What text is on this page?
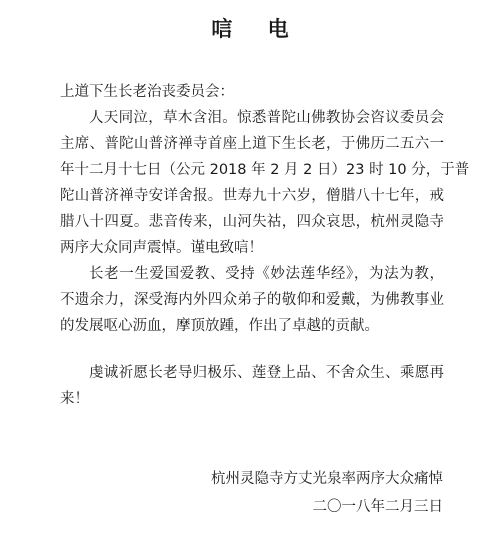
唁 电
上道下生长老治丧委员会：
人天同泣，草木含泪。惊悉普陀山佛教协会咨议委员会
主席、普陀山普济禅寺首座上道下生长老，于佛历二五六一
年十二月十七日（公元 2018 年 2 月 2 日）23 时 10 分，于普
陀山普济禅寺安详舍报。世寿九十六岁，僧腊八十七年，戒
腊八十四夏。悲音传来，山河失祜，四众哀思，杭州灵隐寺
两序大众同声震悼。谨电致唁！
长老一生爱国爱教、受持《妙法莲华经》，为法为教，
不遗余力，深受海内外四众弟子的敬仰和爱戴，为佛教事业
的发展呕心沥血，摩顶放踵，作出了卓越的贡献。
虔诚祈愿长老导归极乐、莲登上品、不舍众生、乘愿再
来！
杭州灵隐寺方丈光泉率两序大众痛悼
二〇一八年二月三日
